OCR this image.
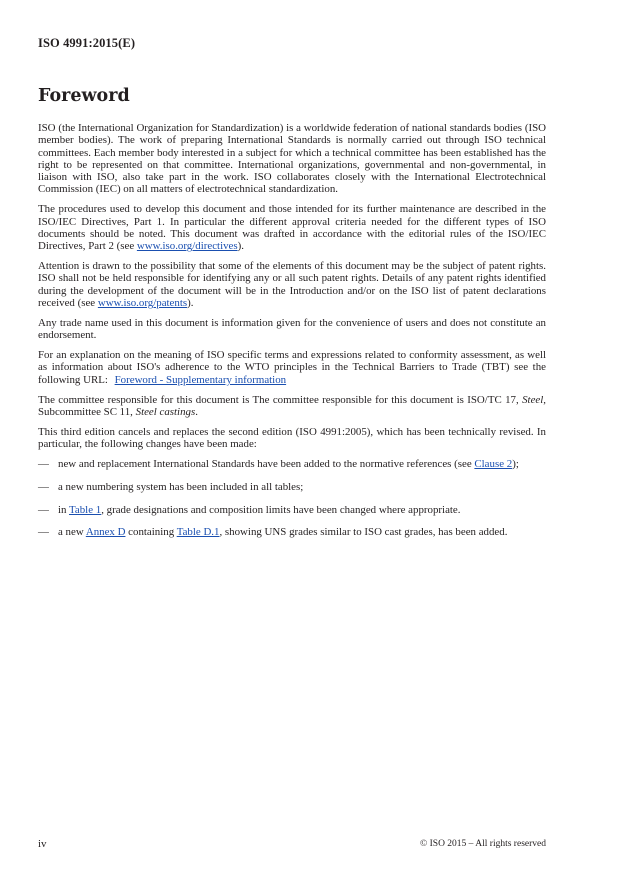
ISO 4991:2015(E)
Foreword

ISO (the International Organization for Standardization) is a worldwide federation of national standards bodies (ISO member bodies). The work of preparing International Standards is normally carried out through ISO technical committees. Each member body interested in a subject for which a technical committee has been established has the right to be represented on that committee. International organizations, governmental and non-governmental, in liaison with ISO, also take part in the work. ISO collaborates closely with the International Electrotechnical Commission (IEC) on all matters of electrotechnical standardization.

The procedures used to develop this document and those intended for its further maintenance are described in the ISO/IEC Directives, Part 1. In particular the different approval criteria needed for the different types of ISO documents should be noted. This document was drafted in accordance with the editorial rules of the ISO/IEC Directives, Part 2 (see www.iso.org/directives).

Attention is drawn to the possibility that some of the elements of this document may be the subject of patent rights. ISO shall not be held responsible for identifying any or all such patent rights. Details of any patent rights identified during the development of the document will be in the Introduction and/or on the ISO list of patent declarations received (see www.iso.org/patents).

Any trade name used in this document is information given for the convenience of users and does not constitute an endorsement.

For an explanation on the meaning of ISO specific terms and expressions related to conformity assessment, as well as information about ISO's adherence to the WTO principles in the Technical Barriers to Trade (TBT) see the following URL: Foreword - Supplementary information

The committee responsible for this document is The committee responsible for this document is ISO/TC 17, Steel, Subcommittee SC 11, Steel castings.

This third edition cancels and replaces the second edition (ISO 4991:2005), which has been technically revised. In particular, the following changes have been made:

— new and replacement International Standards have been added to the normative references (see Clause 2);
— a new numbering system has been included in all tables;
— in Table 1, grade designations and composition limits have been changed where appropriate.
— a new Annex D containing Table D.1, showing UNS grades similar to ISO cast grades, has been added.
iv	© ISO 2015 – All rights reserved
